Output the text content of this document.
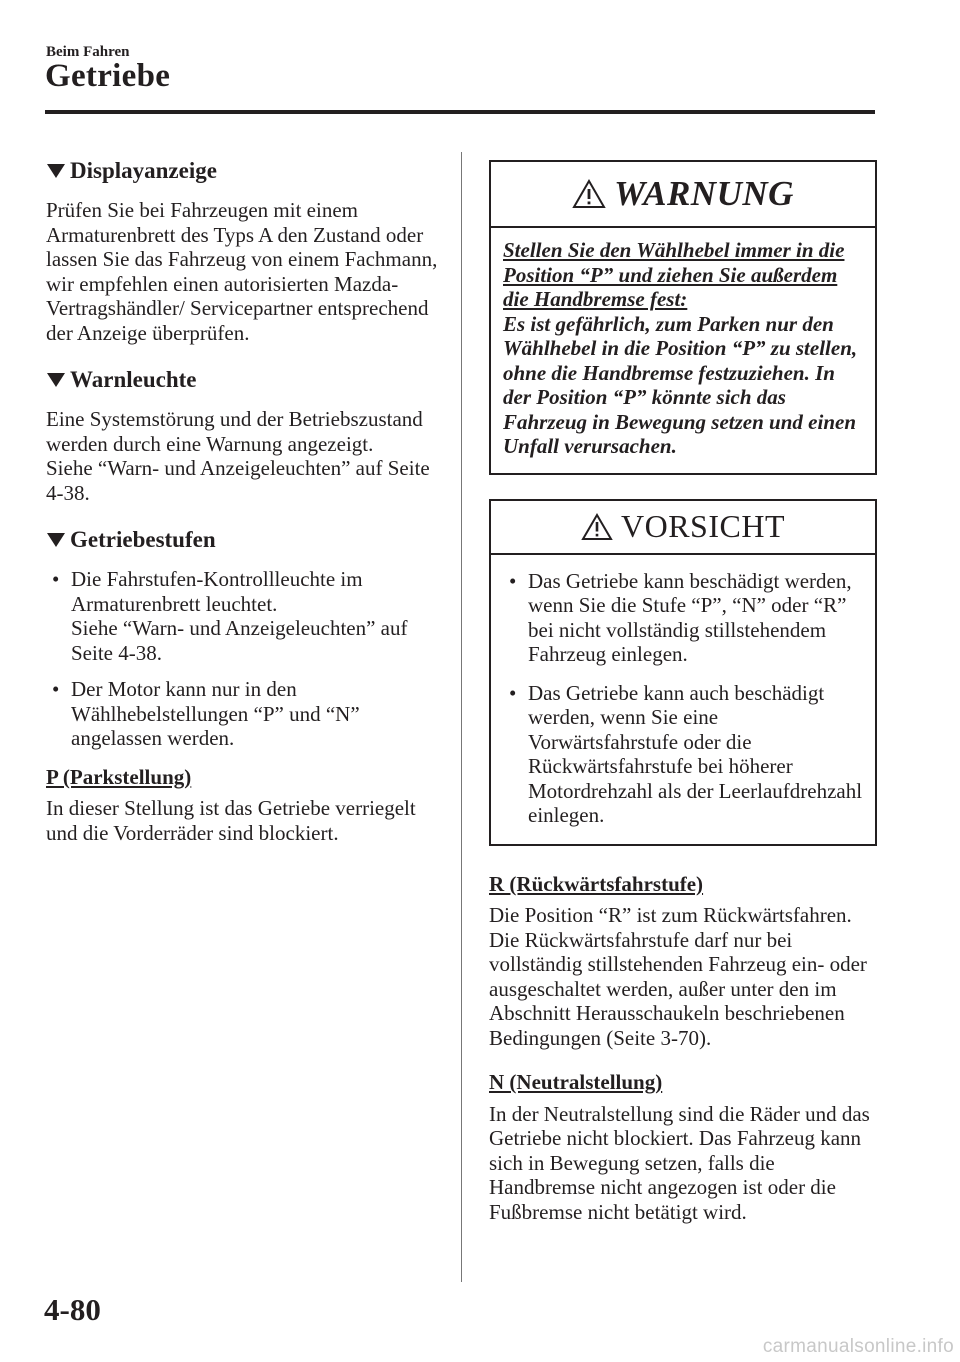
Beim Fahren
Getriebe
Displayanzeige

Prüfen Sie bei Fahrzeugen mit einem Armaturenbrett des Typs A den Zustand oder lassen Sie das Fahrzeug von einem Fachmann, wir empfehlen einen autorisierten Mazda-Vertragshändler/ Servicepartner entsprechend der Anzeige überprüfen.

Warnleuchte

Eine Systemstörung und der Betriebszustand werden durch eine Warnung angezeigt.
Siehe “Warn- und Anzeigeleuchten” auf Seite 4-38.

Getriebestufen
• Die Fahrstufen-Kontrollleuchte im Armaturenbrett leuchtet.
Siehe “Warn- und Anzeigeleuchten” auf Seite 4-38.
• Der Motor kann nur in den Wählhebelstellungen “P” und “N” angelassen werden.
P (Parkstellung)

In dieser Stellung ist das Getriebe verriegelt und die Vorderräder sind blockiert.

WARNUNG
Stellen Sie den Wählhebel immer in die Position “P” und ziehen Sie außerdem die Handbremse fest:
Es ist gefährlich, zum Parken nur den Wählhebel in die Position “P” zu stellen, ohne die Handbremse festzuziehen. In der Position “P” könnte sich das Fahrzeug in Bewegung setzen und einen Unfall verursachen.
VORSICHT
• Das Getriebe kann beschädigt werden, wenn Sie die Stufe “P”, “N” oder “R” bei nicht vollständig stillstehendem Fahrzeug einlegen.
• Das Getriebe kann auch beschädigt werden, wenn Sie eine Vorwärtsfahrstufe oder die Rückwärtsfahrstufe bei höherer Motordrehzahl als der Leerlaufdrehzahl einlegen.
R (Rückwärtsfahrstufe)

Die Position “R” ist zum Rückwärtsfahren. Die Rückwärtsfahrstufe darf nur bei vollständig stillstehenden Fahrzeug ein- oder ausgeschaltet werden, außer unter den im Abschnitt Herausschaukeln beschriebenen Bedingungen (Seite 3-70).

N (Neutralstellung)

In der Neutralstellung sind die Räder und das Getriebe nicht blockiert. Das Fahrzeug kann sich in Bewegung setzen, falls die Handbremse nicht angezogen ist oder die Fußbremse nicht betätigt wird.

4-80
carmanualsonline.info
